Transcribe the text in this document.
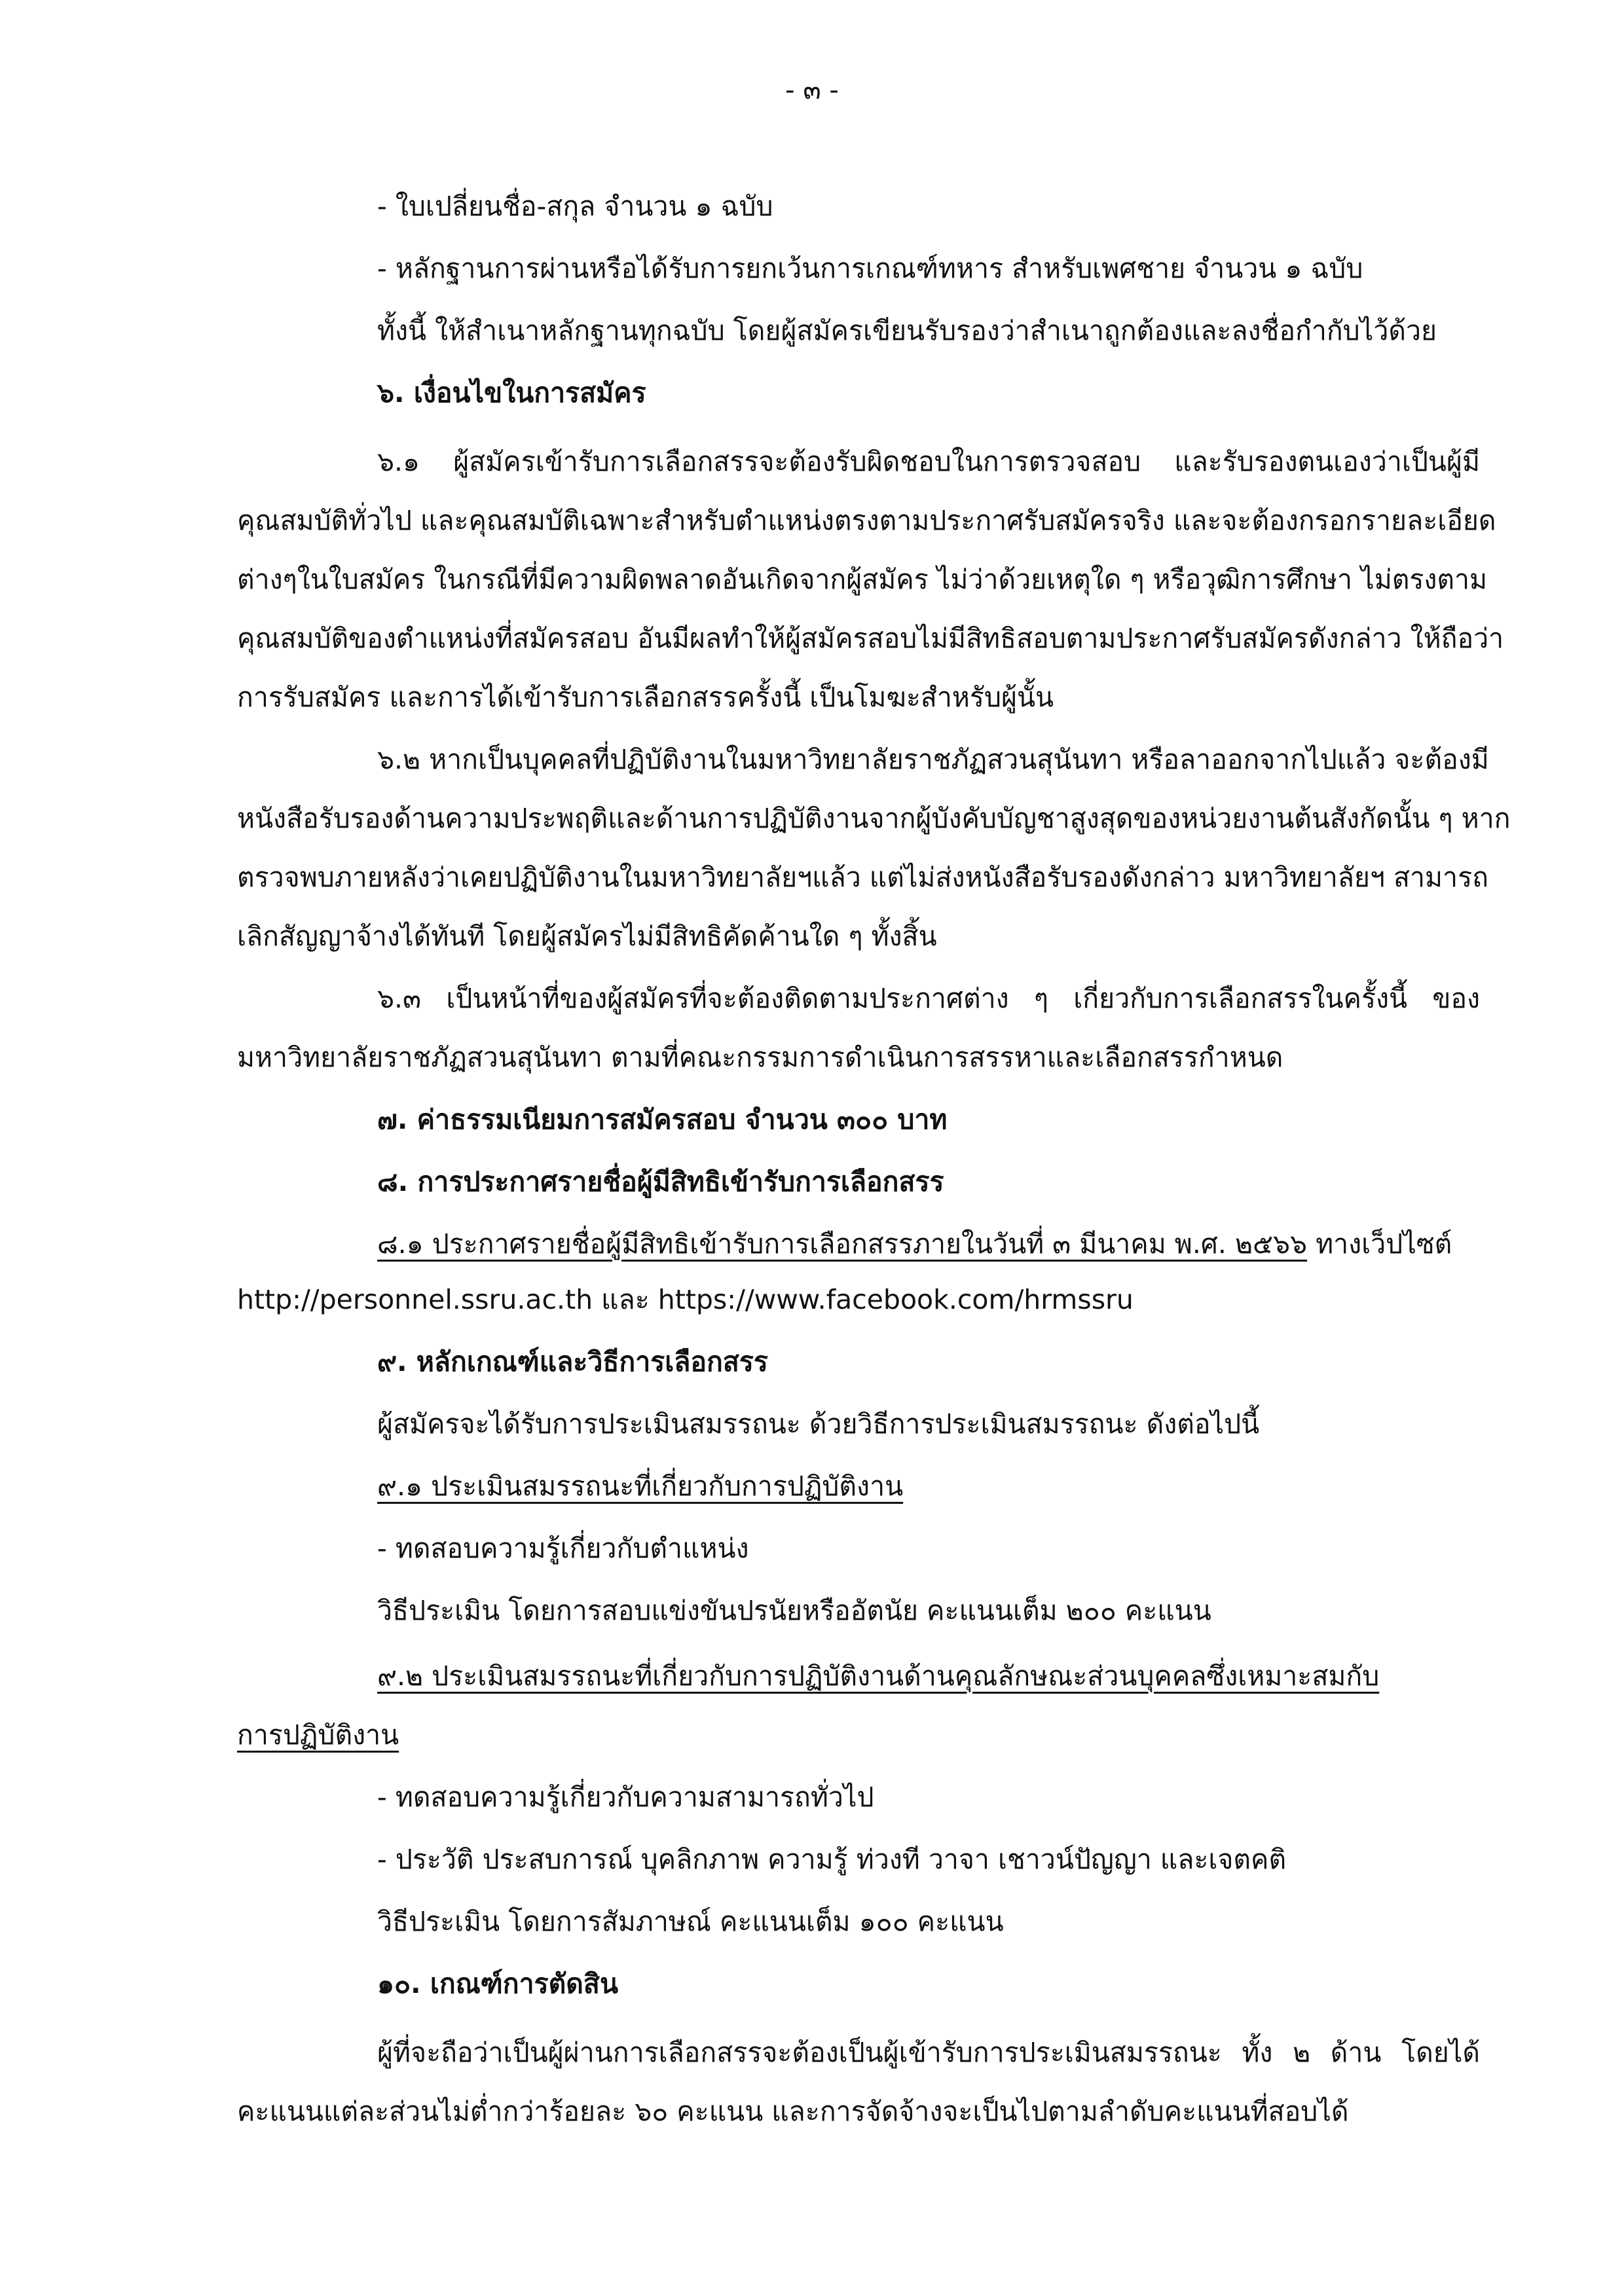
- ๓ -
- ใบเปลี่ยนชื่อ-สกุล จำนวน ๑ ฉบับ
- หลักฐานการผ่านหรือได้รับการยกเว้นการเกณฑ์ทหาร สำหรับเพศชาย จำนวน ๑ ฉบับ
ทั้งนี้ ให้สำเนาหลักฐานทุกฉบับ โดยผู้สมัครเขียนรับรองว่าสำเนาถูกต้องและลงชื่อกำกับไว้ด้วย
๖. เงื่อนไขในการสมัคร
๖.๑ ผู้สมัครเข้ารับการเลือกสรรจะต้องรับผิดชอบในการตรวจสอบ และรับรองตนเองว่าเป็นผู้มี
คุณสมบัติทั่วไป และคุณสมบัติเฉพาะสำหรับตำแหน่งตรงตามประกาศรับสมัครจริง และจะต้องกรอกรายละเอียด
ต่างๆในใบสมัคร ในกรณีที่มีความผิดพลาดอันเกิดจากผู้สมัคร ไม่ว่าด้วยเหตุใด ๆ หรือวุฒิการศึกษา ไม่ตรงตาม
คุณสมบัติของตำแหน่งที่สมัครสอบ อันมีผลทำให้ผู้สมัครสอบไม่มีสิทธิสอบตามประกาศรับสมัครดังกล่าว ให้ถือว่า
การรับสมัคร และการได้เข้ารับการเลือกสรรครั้งนี้ เป็นโมฆะสำหรับผู้นั้น
๖.๒ หากเป็นบุคคลที่ปฏิบัติงานในมหาวิทยาลัยราชภัฏสวนสุนันทา หรือลาออกจากไปแล้ว จะต้องมี
หนังสือรับรองด้านความประพฤติและด้านการปฏิบัติงานจากผู้บังคับบัญชาสูงสุดของหน่วยงานต้นสังกัดนั้น ๆ หาก
ตรวจพบภายหลังว่าเคยปฏิบัติงานในมหาวิทยาลัยฯแล้ว แต่ไม่ส่งหนังสือรับรองดังกล่าว มหาวิทยาลัยฯ สามารถ
เลิกสัญญาจ้างได้ทันที โดยผู้สมัครไม่มีสิทธิคัดค้านใด ๆ ทั้งสิ้น
๖.๓ เป็นหน้าที่ของผู้สมัครที่จะต้องติดตามประกาศต่าง ๆ เกี่ยวกับการเลือกสรรในครั้งนี้ ของ
มหาวิทยาลัยราชภัฏสวนสุนันทา ตามที่คณะกรรมการดำเนินการสรรหาและเลือกสรรกำหนด
๗. ค่าธรรมเนียมการสมัครสอบ จำนวน ๓๐๐ บาท
๘. การประกาศรายชื่อผู้มีสิทธิเข้ารับการเลือกสรร
๘.๑ ประกาศรายชื่อผู้มีสิทธิเข้ารับการเลือกสรรภายในวันที่ ๓ มีนาคม พ.ศ. ๒๕๖๖ ทางเว็ปไซต์
http://personnel.ssru.ac.th และ https://www.facebook.com/hrmssru
๙. หลักเกณฑ์และวิธีการเลือกสรร
ผู้สมัครจะได้รับการประเมินสมรรถนะ ด้วยวิธีการประเมินสมรรถนะ ดังต่อไปนี้
๙.๑ ประเมินสมรรถนะที่เกี่ยวกับการปฏิบัติงาน
- ทดสอบความรู้เกี่ยวกับตำแหน่ง
วิธีประเมิน โดยการสอบแข่งขันปรนัยหรืออัตนัย คะแนนเต็ม ๒๐๐ คะแนน
๙.๒ ประเมินสมรรถนะที่เกี่ยวกับการปฏิบัติงานด้านคุณลักษณะส่วนบุคคลซึ่งเหมาะสมกับ
การปฏิบัติงาน
- ทดสอบความรู้เกี่ยวกับความสามารถทั่วไป
- ประวัติ ประสบการณ์ บุคลิกภาพ ความรู้ ท่วงที วาจา เชาวน์ปัญญา และเจตคติ
วิธีประเมิน โดยการสัมภาษณ์ คะแนนเต็ม ๑๐๐ คะแนน
๑๐. เกณฑ์การตัดสิน
ผู้ที่จะถือว่าเป็นผู้ผ่านการเลือกสรรจะต้องเป็นผู้เข้ารับการประเมินสมรรถนะ ทั้ง ๒ ด้าน โดยได้
คะแนนแต่ละส่วนไม่ต่ำกว่าร้อยละ ๖๐ คะแนน และการจัดจ้างจะเป็นไปตามลำดับคะแนนที่สอบได้
